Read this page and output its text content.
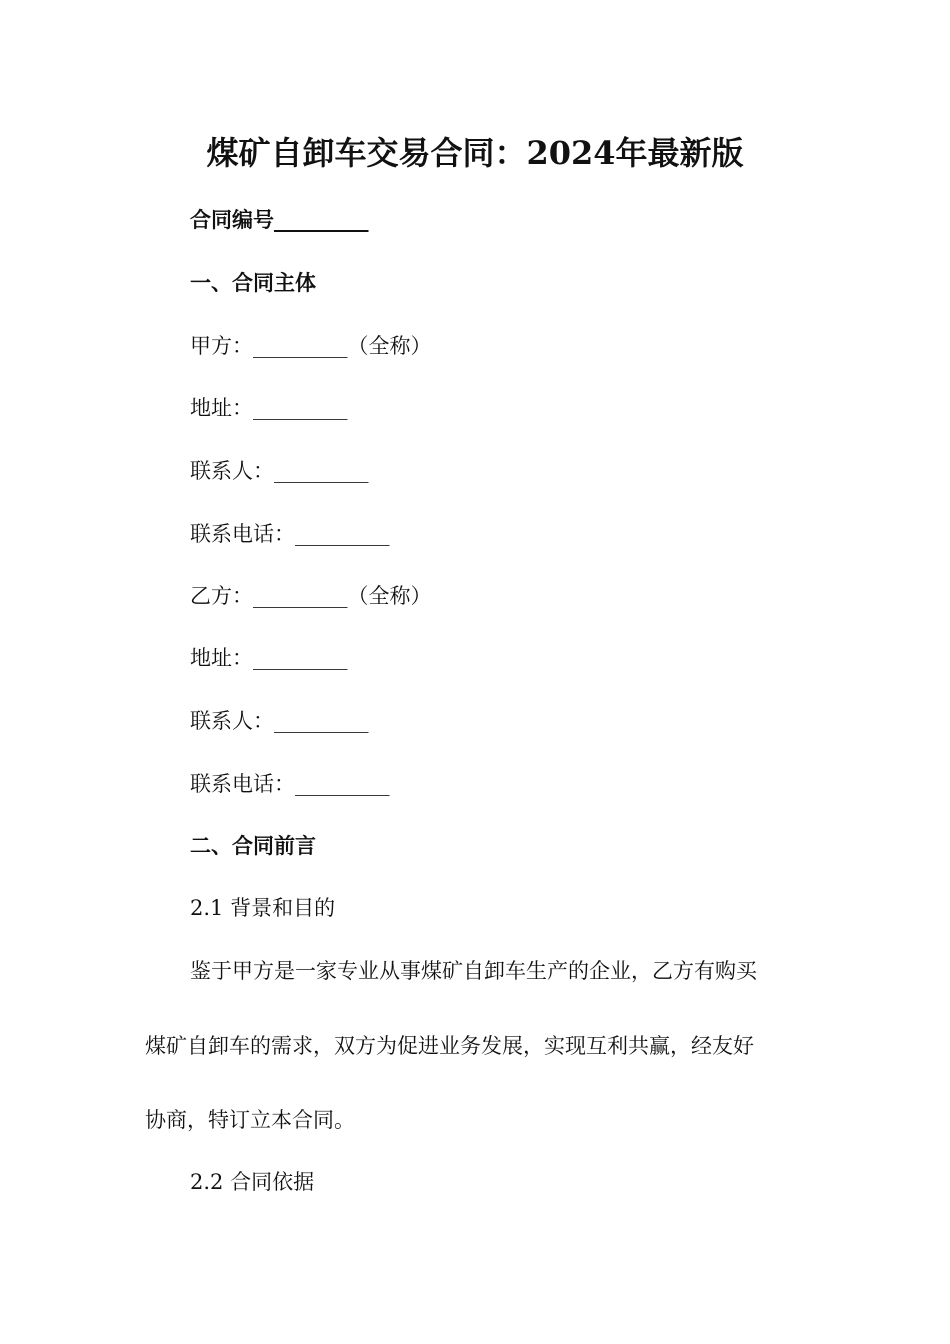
煤矿自卸车交易合同：2024年最新版
合同编号_________
一、合同主体
甲方：_________（全称）
地址：_________
联系人：_________
联系电话：_________
乙方：_________（全称）
地址：_________
联系人：_________
联系电话：_________
二、合同前言
2.1 背景和目的
鉴于甲方是一家专业从事煤矿自卸车生产的企业，乙方有购买
煤矿自卸车的需求，双方为促进业务发展，实现互利共赢，经友好
协商，特订立本合同。
2.2 合同依据
